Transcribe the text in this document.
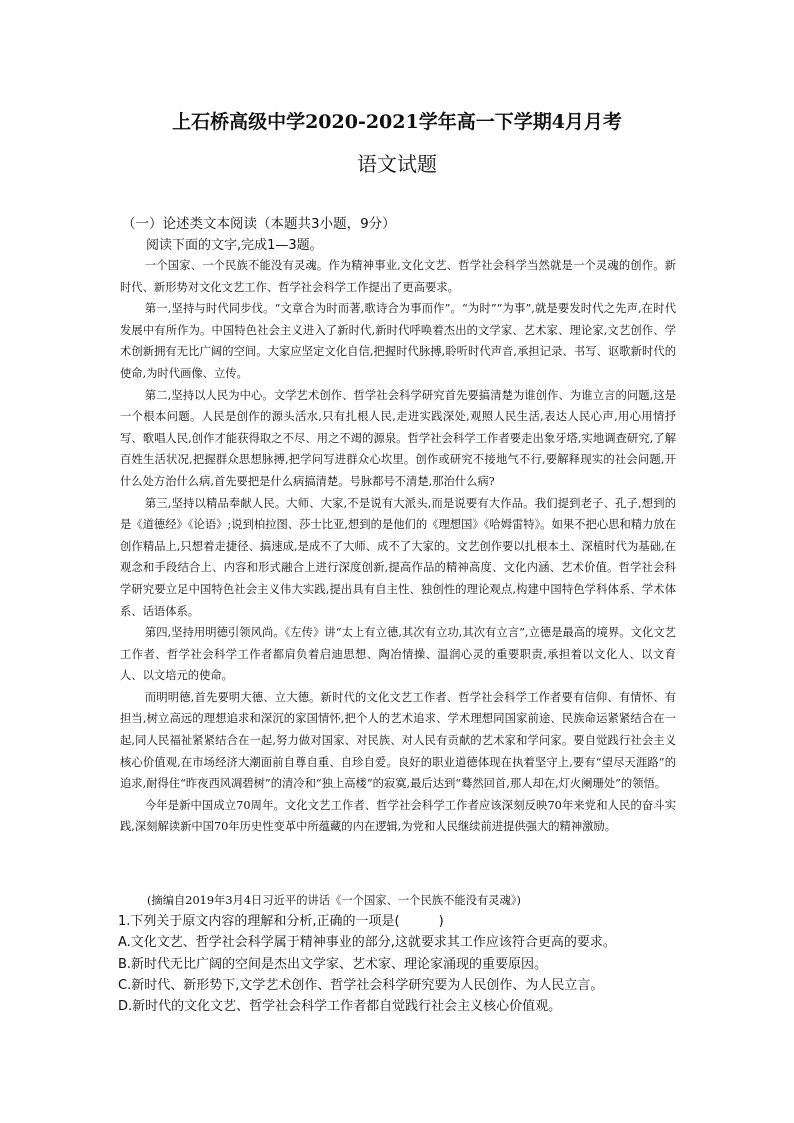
上石桥高级中学2020-2021学年高一下学期4月月考
语文试题
（一）论述类文本阅读（本题共3小题，9分）
阅读下面的文字,完成1—3题。

一个国家、一个民族不能没有灵魂。作为精神事业,文化文艺、哲学社会科学当然就是一个灵魂的创作。新时代、新形势对文化文艺工作、哲学社会科学工作提出了更高要求。

第一,坚持与时代同步伐。“文章合为时而著,歌诗合为事而作”。“为时”“为事”,就是要发时代之先声,在时代发展中有所作为。中国特色社会主义进入了新时代,新时代呼唤着杰出的文学家、艺术家、理论家,文艺创作、学术创新拥有无比广阔的空间。大家应坚定文化自信,把握时代脉搏,聆听时代声音,承担记录、书写、讴歌新时代的使命,为时代画像、立传。

第二,坚持以人民为中心。文学艺术创作、哲学社会科学研究首先要搞清楚为谁创作、为谁立言的问题,这是一个根本问题。人民是创作的源头活水,只有扎根人民,走进实践深处,观照人民生活,表达人民心声,用心用情抒写、歌唱人民,创作才能获得取之不尽、用之不竭的源泉。哲学社会科学工作者要走出象牙塔,实地调查研究,了解百姓生活状况,把握群众思想脉搏,把学问写进群众心坎里。创作或研究不接地气不行,要解释现实的社会问题,开什么处方治什么病,首先要把是什么病搞清楚。号脉都号不清楚,那治什么病?

第三,坚持以精品奉献人民。大师、大家,不是说有大派头,而是说要有大作品。我们提到老子、孔子,想到的是《道德经》《论语》;说到柏拉图、莎士比亚,想到的是他们的《理想国》《哈姆雷特》。如果不把心思和精力放在创作精品上,只想着走捷径、搞速成,是成不了大师、成不了大家的。文艺创作要以扎根本土、深植时代为基础,在观念和手段结合上、内容和形式融合上进行深度创新,提高作品的精神高度、文化内涵、艺术价值。哲学社会科学研究要立足中国特色社会主义伟大实践,提出具有自主性、独创性的理论观点,构建中国特色学科体系、学术体系、话语体系。

第四,坚持用明德引领风尚。《左传》讲“太上有立德,其次有立功,其次有立言”,立德是最高的境界。文化文艺工作者、哲学社会科学工作者都肩负着启迪思想、陶冶情操、温润心灵的重要职责,承担着以文化人、以文育人、以文培元的使命。

而明明德,首先要明大德、立大德。新时代的文化文艺工作者、哲学社会科学工作者要有信仰、有情怀、有担当,树立高远的理想追求和深沉的家国情怀,把个人的艺术追求、学术理想同国家前途、民族命运紧紧结合在一起,同人民福祉紧紧结合在一起,努力做对国家、对民族、对人民有贡献的艺术家和学问家。要自觉践行社会主义核心价值观,在市场经济大潮面前自尊自重、自珍自爱。良好的职业道德体现在执着坚守上,要有“望尽天涯路”的追求,耐得住“昨夜西风凋碧树”的清冷和“独上高楼”的寂寞,最后达到“蓦然回首,那人却在,灯火阑珊处”的领悟。

今年是新中国成立70周年。文化文艺工作者、哲学社会科学工作者应该深刻反映70年来党和人民的奋斗实践,深刻解读新中国70年历史性变革中所蕴藏的内在逻辑,为党和人民继续前进提供强大的精神激励。

(摘编自2019年3月4日习近平的讲话《一个国家、一个民族不能没有灵魂》)
1.下列关于原文内容的理解和分析,正确的一项是(　　　)
A.文化文艺、哲学社会科学属于精神事业的部分,这就要求其工作应该符合更高的要求。
B.新时代无比广阔的空间是杰出文学家、艺术家、理论家涌现的重要原因。
C.新时代、新形势下,文学艺术创作、哲学社会科学研究要为人民创作、为人民立言。
D.新时代的文化文艺、哲学社会科学工作者都自觉践行社会主义核心价值观。
